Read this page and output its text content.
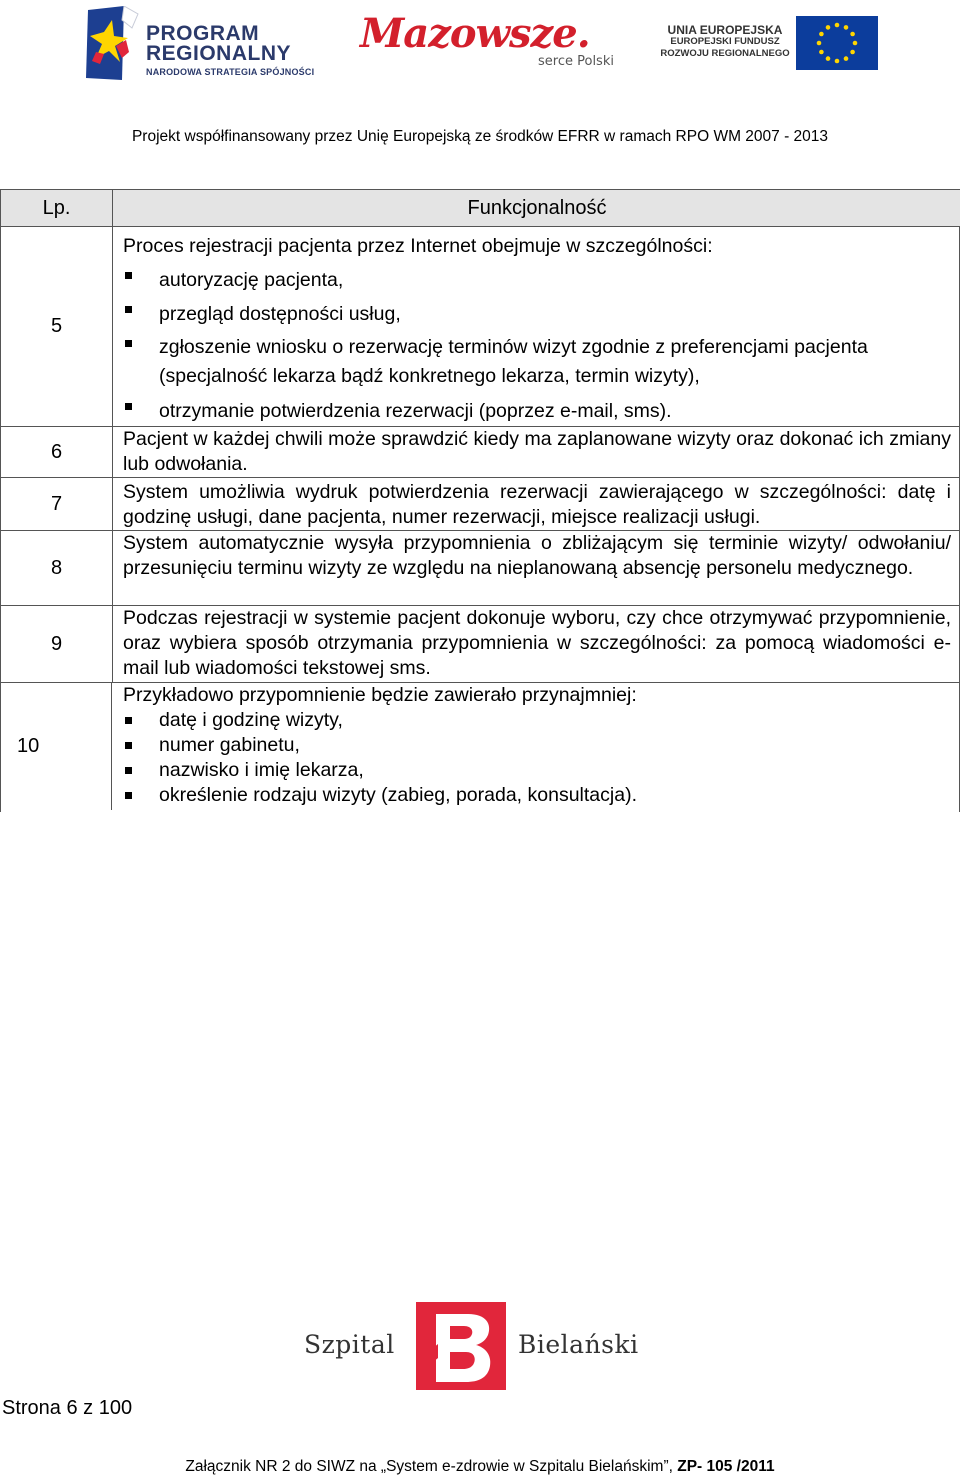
PROGRAM
REGIONALNY
NARODOWA STRATEGIA SPÓJNOŚCI
Mazowsze.
serce Polski
UNIA EUROPEJSKA
EUROPEJSKI FUNDUSZ
ROZWOJU REGIONALNEGO
Projekt współfinansowany przez Unię Europejską ze środków EFRR w ramach RPO WM 2007 - 2013
Lp.	Funkcjonalność
5
Proces rejestracji pacjenta przez Internet obejmuje w szczególności:
autoryzację pacjenta,
przegląd dostępności usług,
zgłoszenie wniosku o rezerwację terminów wizyt zgodnie z preferencjami pacjenta (specjalność lekarza bądź konkretnego lekarza, termin wizyty),
otrzymanie potwierdzenia rezerwacji (poprzez e-mail, sms).
6
Pacjent w każdej chwili może sprawdzić kiedy ma zaplanowane wizyty oraz dokonać ich zmiany lub odwołania.
7
System umożliwia wydruk potwierdzenia rezerwacji zawierającego w szczególności: datę i godzinę usługi, dane pacjenta, numer rezerwacji, miejsce realizacji usługi.
8
System automatycznie wysyła przypomnienia o zbliżającym się terminie wizyty/ odwołaniu/ przesunięciu terminu wizyty ze względu na nieplanowaną absencję personelu medycznego.
9
Podczas rejestracji w systemie pacjent dokonuje wyboru, czy chce otrzymywać przypomnienie, oraz wybiera sposób otrzymania przypomnienia w szczególności: za pomocą wiadomości e-mail lub wiadomości tekstowej sms.
10
Przykładowo przypomnienie będzie zawierało przynajmniej:
datę i godzinę wizyty,
numer gabinetu,
nazwisko i imię lekarza,
określenie rodzaju wizyty (zabieg, porada, konsultacja).
Szpital	Bielański
Strona 6 z 100
Załącznik NR 2 do SIWZ na „System e-zdrowie w Szpitalu Bielańskim”, ZP- 105 /2011
